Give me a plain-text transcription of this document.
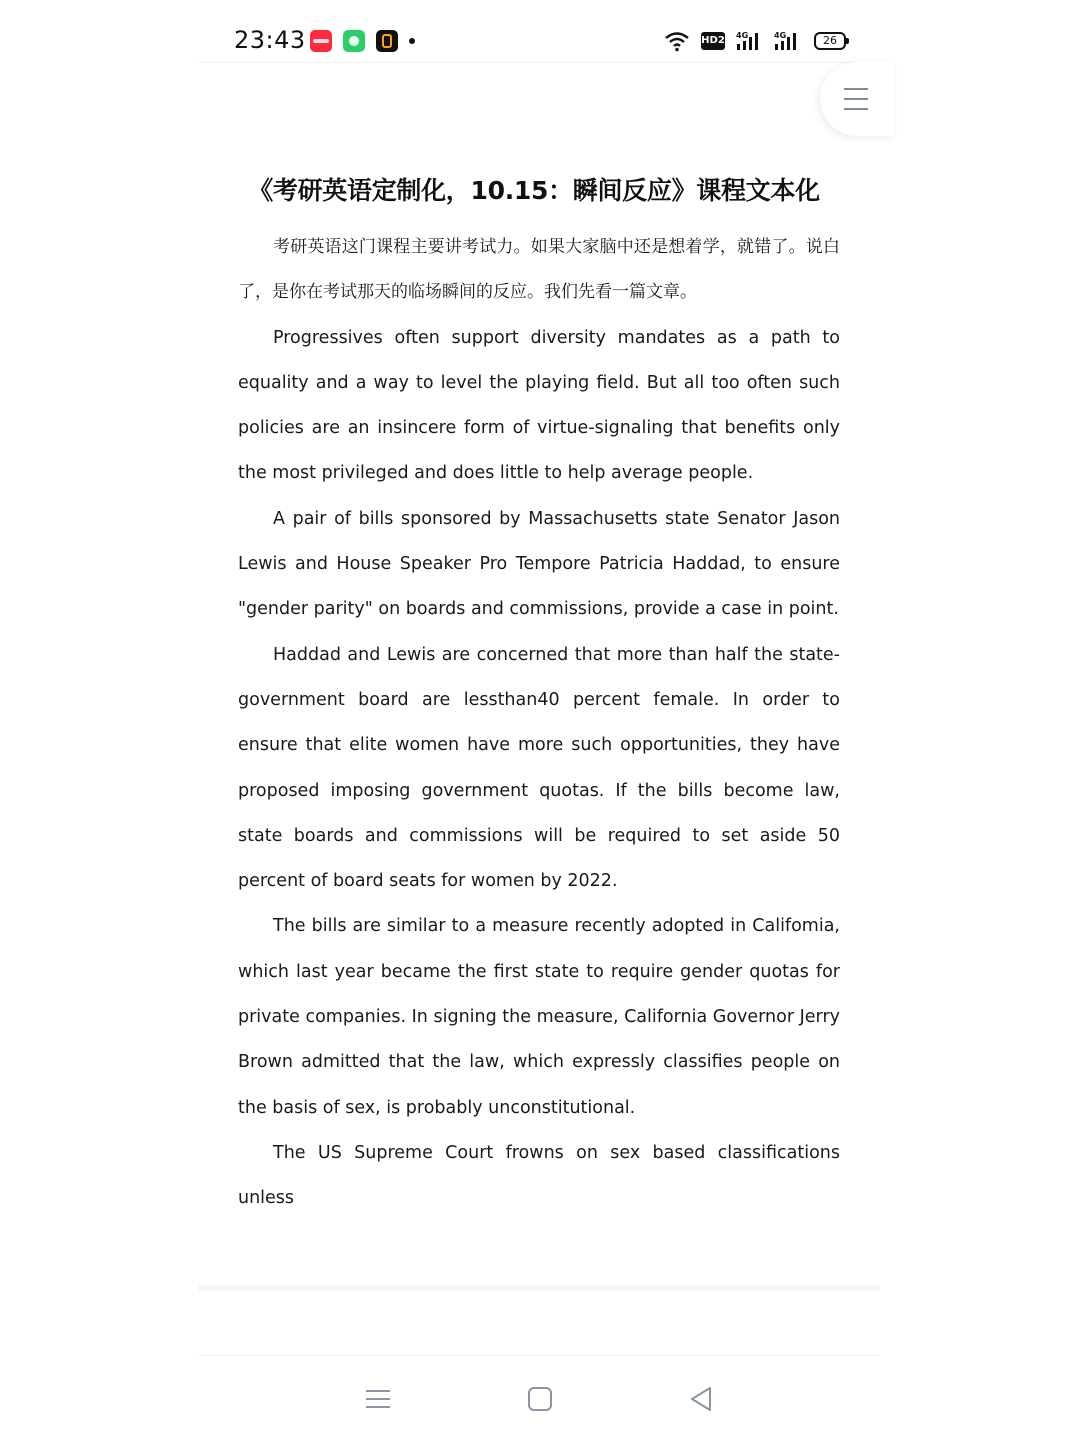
23:43	HD2 4G	4G	26
《考研英语定制化，10.15：瞬间反应》课程文本化

考研英语这门课程主要讲考试力。如果大家脑中还是想着学，就错了。说白了，是你在考试那天的临场瞬间的反应。我们先看一篇文章。

Progressives often support diversity mandates as a path to equality and a way to level the playing field. But all too often such policies are an insincere form of virtue-signaling that benefits only the most privileged and does little to help average people.

A pair of bills sponsored by Massachusetts state Senator Jason Lewis and House Speaker Pro Tempore Patricia Haddad, to ensure "gender parity" on boards and commissions, provide a case in point.

Haddad and Lewis are concerned that more than half the state-government board are lessthan40 percent female. In order to ensure that elite women have more such opportunities, they have proposed imposing government quotas. If the bills become law, state boards and commissions will be required to set aside 50 percent of board seats for women by 2022.

The bills are similar to a measure recently adopted in Califomia, which last year became the first state to require gender quotas for private companies. In signing the measure, California Governor Jerry Brown admitted that the law, which expressly classifies people on the basis of sex, is probably unconstitutional.

The US Supreme Court frowns on sex based classifications unless
